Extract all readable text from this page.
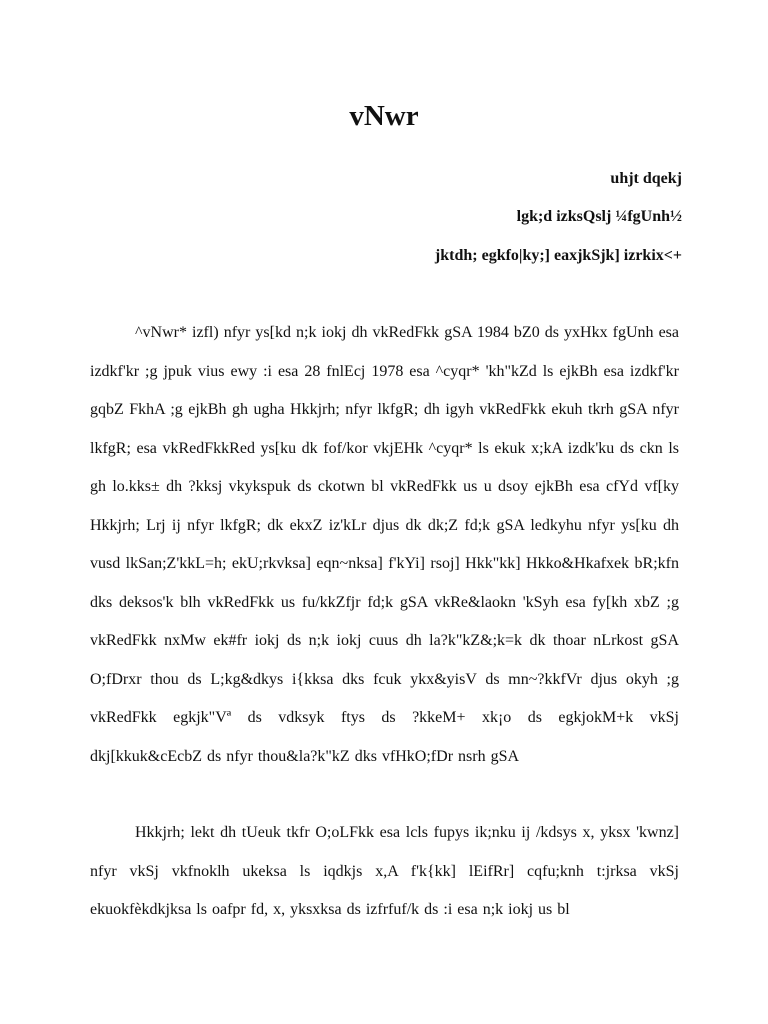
vNwr
uhjt dqekj
lgk;d izksQslj ¼fgUnh½
jktdh; egkfo|ky;] eaxjkSjk] izrkix<+

^vNwr* izfl) nfyr ys[kd n;k iokj dh vkRedFkk gSA 1984 bZ0 ds yxHkx fgUnh esa izdkf'kr ;g jpuk vius ewy :i esa 28 fnlEcj 1978 esa ^cyqr* 'kh"kZd ls ejkBh esa izdkf'kr gqbZ FkhA ;g ejkBh gh ugha Hkkjrh; nfyr lkfgR; dh igyh vkRedFkk ekuh tkrh gSA nfyr lkfgR; esa vkRedFkkRed ys[ku dk fof/kor vkjEHk ^cyqr* ls ekuk x;kA izdk'ku ds ckn ls gh lo.kks± dh ?kksj vkykspuk ds ckotwn bl vkRedFkk us u dsoy ejkBh esa cfYd vf[ky Hkkjrh; Lrj ij nfyr lkfgR; dk ekxZ iz'kLr djus dk dk;Z fd;k gSA ledkyhu nfyr ys[ku dh vusd lkSan;Z'kkL=h; ekU;rkvksa] eqn~nksa] f'kYi] rsoj] Hkk"kk] Hkko&Hkafxek bR;kfn dks deksos'k blh vkRedFkk us fu/kkZfjr fd;k gSA vkRe&laokn 'kSyh esa fy[kh xbZ ;g vkRedFkk nxMw ek#fr iokj ds n;k iokj cuus dh la?k"kZ&;k=k dk thoar nLrkost gSA O;fDrxr thou ds L;kg&dkys i{kksa dks fcuk ykx&yisV ds mn~?kkfVr djus okyh ;g vkRedFkk egkjk"Vª ds vdksyk ftys ds ?kkeM+ xk¡o ds egkjokM+k vkSj dkj[kkuk&cEcbZ ds nfyr thou&la?k"kZ dks vfHkO;fDr nsrh gSA

Hkkjrh; lekt dh tUeuk tkfr O;oLFkk esa lcls fupys ik;nku ij /kdsys x, yksx 'kwnz] nfyr vkSj vkfnoklh ukeksa ls iqdkjs x,A f'k{kk] lEifRr] cqfu;knh t:jrksa vkSj ekuokfèkdkjksa ls oafpr fd, x, yksxksa ds izfrfuf/k ds :i esa n;k iokj us bl
